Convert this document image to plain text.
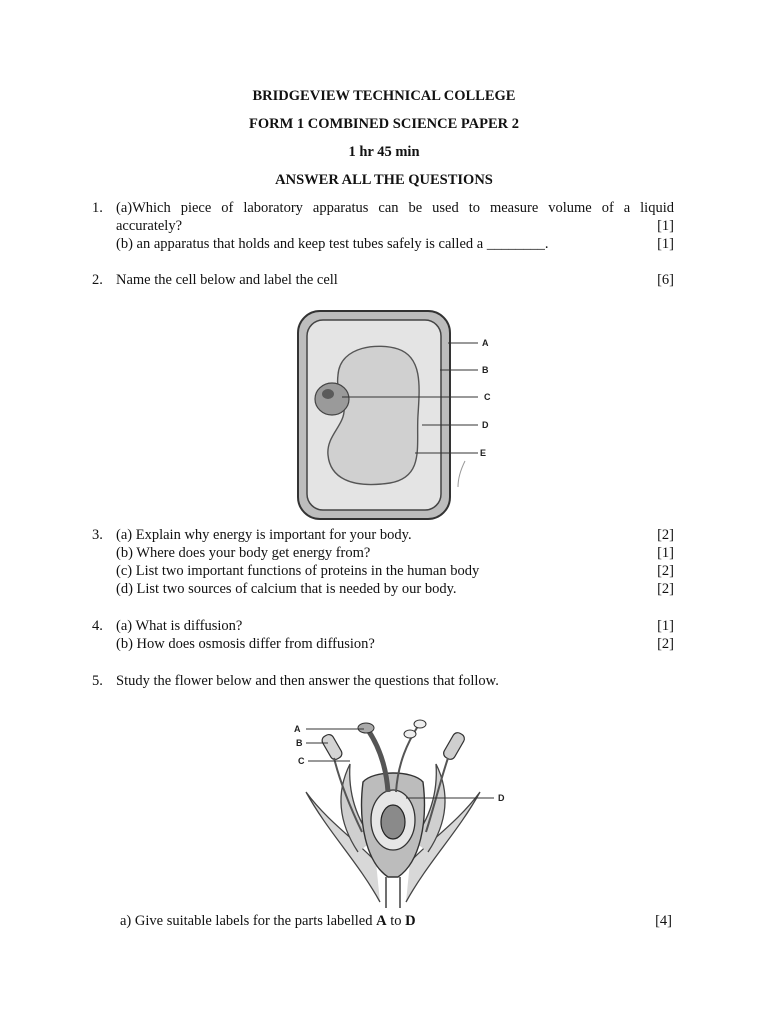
BRIDGEVIEW TECHNICAL COLLEGE
FORM 1 COMBINED SCIENCE PAPER 2
1 hr 45 min
ANSWER ALL THE QUESTIONS
1. (a)Which piece of laboratory apparatus can be used to measure volume of a liquid
accurately?	[1]
(b) an apparatus that holds and keep test tubes safely is called a ________.	[1]
2. Name the cell below and label the cell	[6]
A
B
C
D
E
3. (a) Explain why energy is important for your body.	[2]
(b) Where does your body get energy from?	[1]
(c) List two important functions of proteins in the human body	[2]
(d) List two sources of calcium that is needed by our body.	[2]
4. (a) What is diffusion?	[1]
(b) How does osmosis differ from diffusion?	[2]
5. Study the flower below and then answer the questions that follow.
A
B
C
D
a) Give suitable labels for the parts labelled A to D	[4]
